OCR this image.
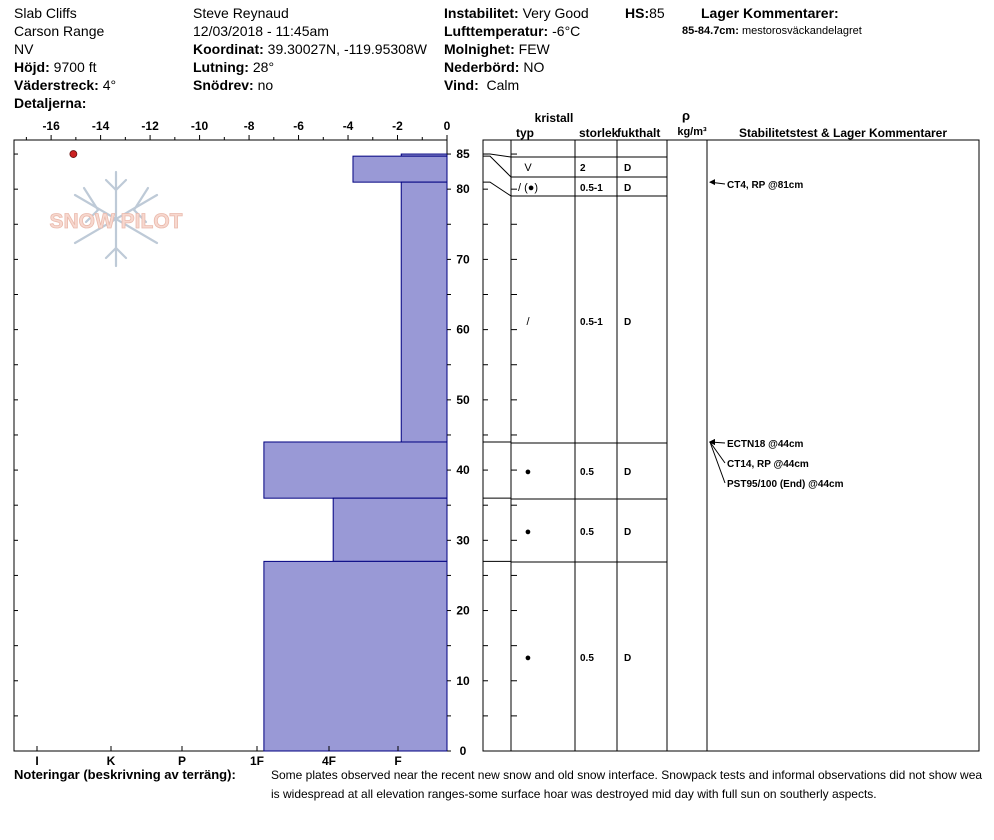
Slab Cliffs
Carson Range
NV
Höjd: 9700 ft
Väderstreck: 4°
Detaljerna:
Steve Reynaud
12/03/2018 - 11:45am
Koordinat: 39.30027N, -119.95308W
Lutning: 28°
Snödrev: no
Instabilitet: Very Good	HS:85
Lufttemperatur: -6°C
Molnighet: FEW
Nederbörd: NO
Vind: Calm
Lager Kommentarer:
85-84.7cm: mestorosväckandelagret
SNOW PILOT
kristall
typ	storlek
fukthalt
ρ
kg/m³	Stabilitetstest & Lager Kommentarer
-16	-14	-12	-10	-8	-6	-4	-2	0
0
10
20
30
40
50
60
70
80
85
I	K	P	1F	4F	F
V	2	D
/ (●)	0.5-1 D
/	0.5-1 D
●	0.5	D
●	0.5	D
●	0.5	D
CT4, RP @81cm
ECTN18 @44cm
CT14, RP @44cm
PST95/100 (End) @44cm
Noteringar (beskrivning av terräng):	Some plates observed near the recent new snow and old snow interface. Snowpack tests and informal observations did not show wea
is widespread at all elevation ranges-some surface hoar was destroyed mid day with full sun on southerly aspects.
